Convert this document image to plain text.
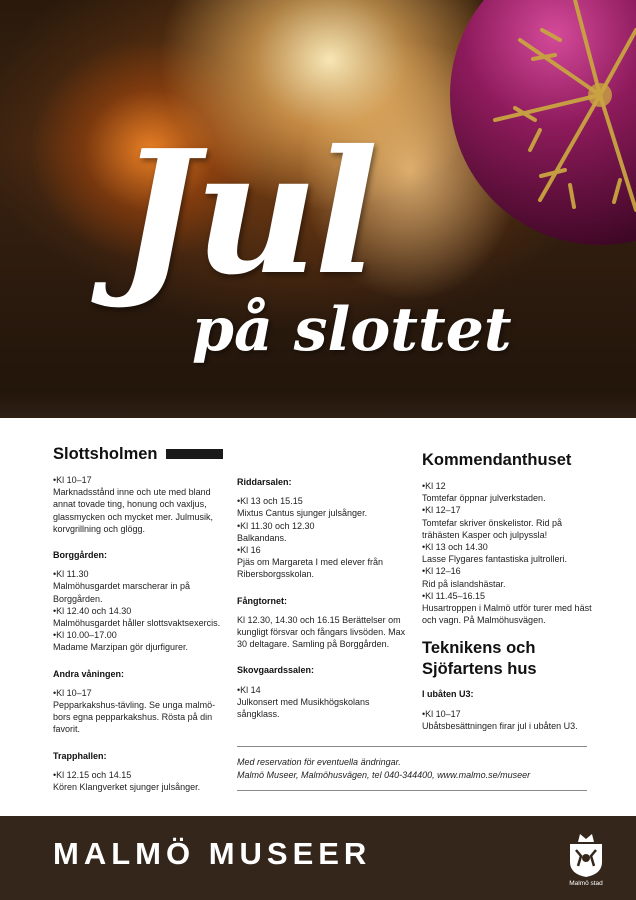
Jul
på slottet
Slottsholmen
• Kl 10–17
Marknadsstånd inne och ute med bland annat tovade ting, honung och vaxljus, glassmycken och mycket mer. Julmusik, korvgrillning och glögg.
Borggården:
• Kl 11.30
Malmöhusgardet marscherar in på Borggården.
• Kl 12.40 och 14.30
Malmöhusgardet håller slottsvaktsexercis.
• Kl 10.00–17.00
Madame Marzipan gör djurfigurer.
Andra våningen:
• Kl 10–17
Pepparkakshus-tävling. Se unga malmö-bors egna pepparkakshus. Rösta på din favorit.
Trapphallen:
• Kl 12.15 och 14.15
Kören Klangverket sjunger julsånger.
Riddarsalen:
• Kl 13 och 15.15
Mixtus Cantus sjunger julsånger.
• Kl 11.30 och 12.30
Balkandans.
• Kl 16
Pjäs om Margareta I med elever från Ribersborgsskolan.
Fångtornet:
Kl 12.30, 14.30 och 16.15 Berättelser om kungligt försvar och fångars livsöden. Max 30 deltagare. Samling på Borggården.
Skovgaardssalen:
• Kl 14
Julkonsert med Musikhögskolans sångklass.
Kommendanthuset
• Kl 12
Tomtefar öppnar julverkstaden.
• Kl 12–17
Tomtefar skriver önskelistor. Rid på trähästen Kasper och julpyssla!
• Kl 13 och 14.30
Lasse Flygares fantastiska jultrolleri.
• Kl 12–16
Rid på islandshästar.
• Kl 11.45–16.15
Husartroppen i Malmö utför turer med häst och vagn. På Malmöhusvägen.
Teknikens och Sjöfartens hus
I ubåten U3:
• Kl 10–17
Ubåtsbesättningen firar jul i ubåten U3.
Med reservation för eventuella ändringar.
Malmö Museer, Malmöhusvägen, tel 040-344400, www.malmo.se/museer
MALMÖ MUSEER
Malmö stad
